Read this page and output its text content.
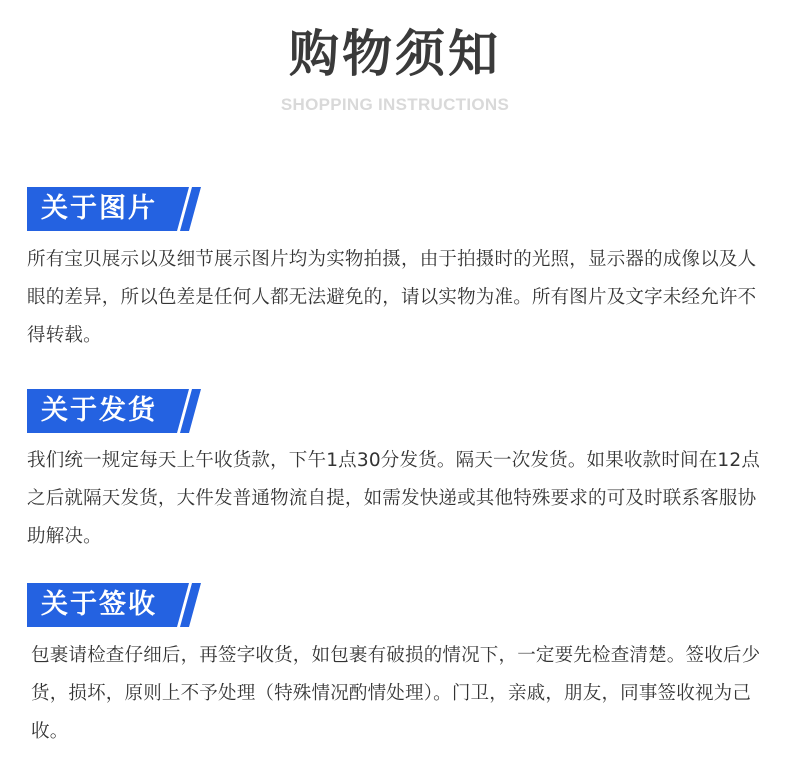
购物须知
SHOPPING INSTRUCTIONS
关于图片

所有宝贝展示以及细节展示图片均为实物拍摄，由于拍摄时的光照，显示器的成像以及人眼的差异，所以色差是任何人都无法避免的，请以实物为准。所有图片及文字未经允许不得转载。

关于发货

我们统一规定每天上午收货款，下午1点30分发货。隔天一次发货。如果收款时间在12点之后就隔天发货，大件发普通物流自提，如需发快递或其他特殊要求的可及时联系客服协助解决。

关于签收

包裹请检查仔细后，再签字收货，如包裹有破损的情况下，一定要先检查清楚。签收后少货，损坏，原则上不予处理（特殊情况酌情处理）。门卫，亲戚，朋友，同事签收视为己收。
